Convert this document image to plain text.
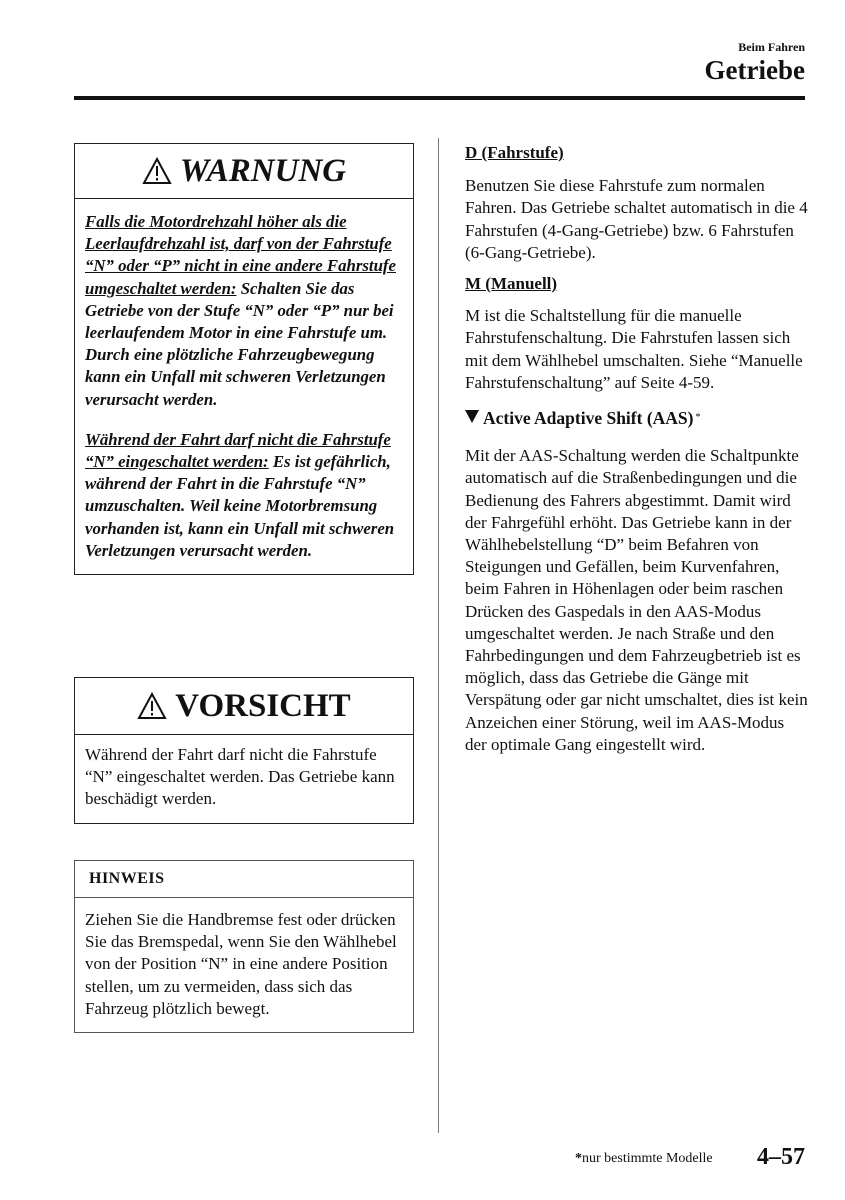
Beim Fahren
Getriebe
WARNUNG
Falls die Motordrehzahl höher als die Leerlaufdrehzahl ist, darf von der Fahrstufe “N” oder “P” nicht in eine andere Fahrstufe umgeschaltet werden: Schalten Sie das Getriebe von der Stufe “N” oder “P” nur bei leerlaufendem Motor in eine Fahrstufe um. Durch eine plötzliche Fahrzeugbewegung kann ein Unfall mit schweren Verletzungen verursacht werden.
Während der Fahrt darf nicht die Fahrstufe “N” eingeschaltet werden: Es ist gefährlich, während der Fahrt in die Fahrstufe “N” umzuschalten. Weil keine Motorbremsung vorhanden ist, kann ein Unfall mit schweren Verletzungen verursacht werden.
VORSICHT
Während der Fahrt darf nicht die Fahrstufe “N” eingeschaltet werden. Das Getriebe kann beschädigt werden.
HINWEIS
Ziehen Sie die Handbremse fest oder drücken Sie das Bremspedal, wenn Sie den Wählhebel von der Position “N” in eine andere Position stellen, um zu vermeiden, dass sich das Fahrzeug plötzlich bewegt.

D (Fahrstufe)

Benutzen Sie diese Fahrstufe zum normalen Fahren. Das Getriebe schaltet automatisch in die 4 Fahrstufen (4-Gang-Getriebe) bzw. 6 Fahrstufen (6-Gang-Getriebe).

M (Manuell)

M ist die Schaltstellung für die manuelle Fahrstufenschaltung. Die Fahrstufen lassen sich mit dem Wählhebel umschalten. Siehe “Manuelle Fahrstufenschaltung” auf Seite 4-59.

Active Adaptive Shift (AAS)*

Mit der AAS-Schaltung werden die Schaltpunkte automatisch auf die Straßenbedingungen und die Bedienung des Fahrers abgestimmt. Damit wird der Fahrgefühl erhöht. Das Getriebe kann in der Wählhebelstellung “D” beim Befahren von Steigungen und Gefällen, beim Kurvenfahren, beim Fahren in Höhenlagen oder beim raschen Drücken des Gaspedals in den AAS-Modus umgeschaltet werden. Je nach Straße und den Fahrbedingungen und dem Fahrzeugbetrieb ist es möglich, dass das Getriebe die Gänge mit Verspätung oder gar nicht umschaltet, dies ist kein Anzeichen einer Störung, weil im AAS-Modus der optimale Gang eingestellt wird.

*nur bestimmte Modelle 4–57
